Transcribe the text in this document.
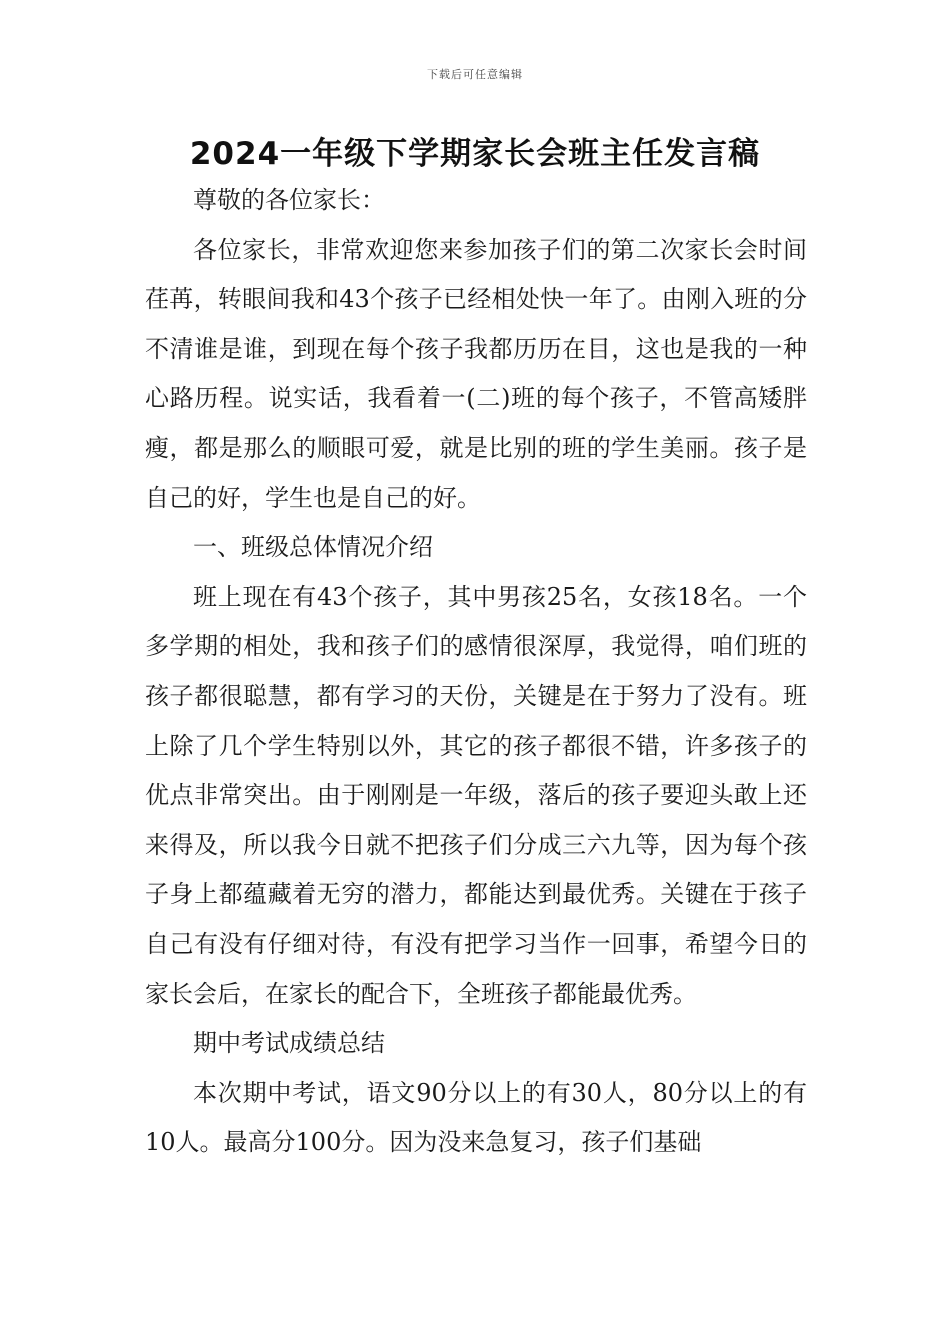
下载后可任意编辑
2024一年级下学期家长会班主任发言稿

尊敬的各位家长：

各位家长，非常欢迎您来参加孩子们的第二次家长会时间荏苒，转眼间我和43个孩子已经相处快一年了。由刚入班的分不清谁是谁，到现在每个孩子我都历历在目，这也是我的一种心路历程。说实话，我看着一(二)班的每个孩子，不管高矮胖瘦，都是那么的顺眼可爱，就是比别的班的学生美丽。孩子是自己的好，学生也是自己的好。

一、班级总体情况介绍

班上现在有43个孩子，其中男孩25名，女孩18名。一个多学期的相处，我和孩子们的感情很深厚，我觉得，咱们班的孩子都很聪慧，都有学习的天份，关键是在于努力了没有。班上除了几个学生特别以外，其它的孩子都很不错，许多孩子的优点非常突出。由于刚刚是一年级，落后的孩子要迎头敢上还来得及，所以我今日就不把孩子们分成三六九等，因为每个孩子身上都蕴藏着无穷的潜力，都能达到最优秀。关键在于孩子自己有没有仔细对待，有没有把学习当作一回事，希望今日的家长会后，在家长的配合下，全班孩子都能最优秀。

期中考试成绩总结

本次期中考试，语文90分以上的有30人，80分以上的有10人。最高分100分。因为没来急复习，孩子们基础
